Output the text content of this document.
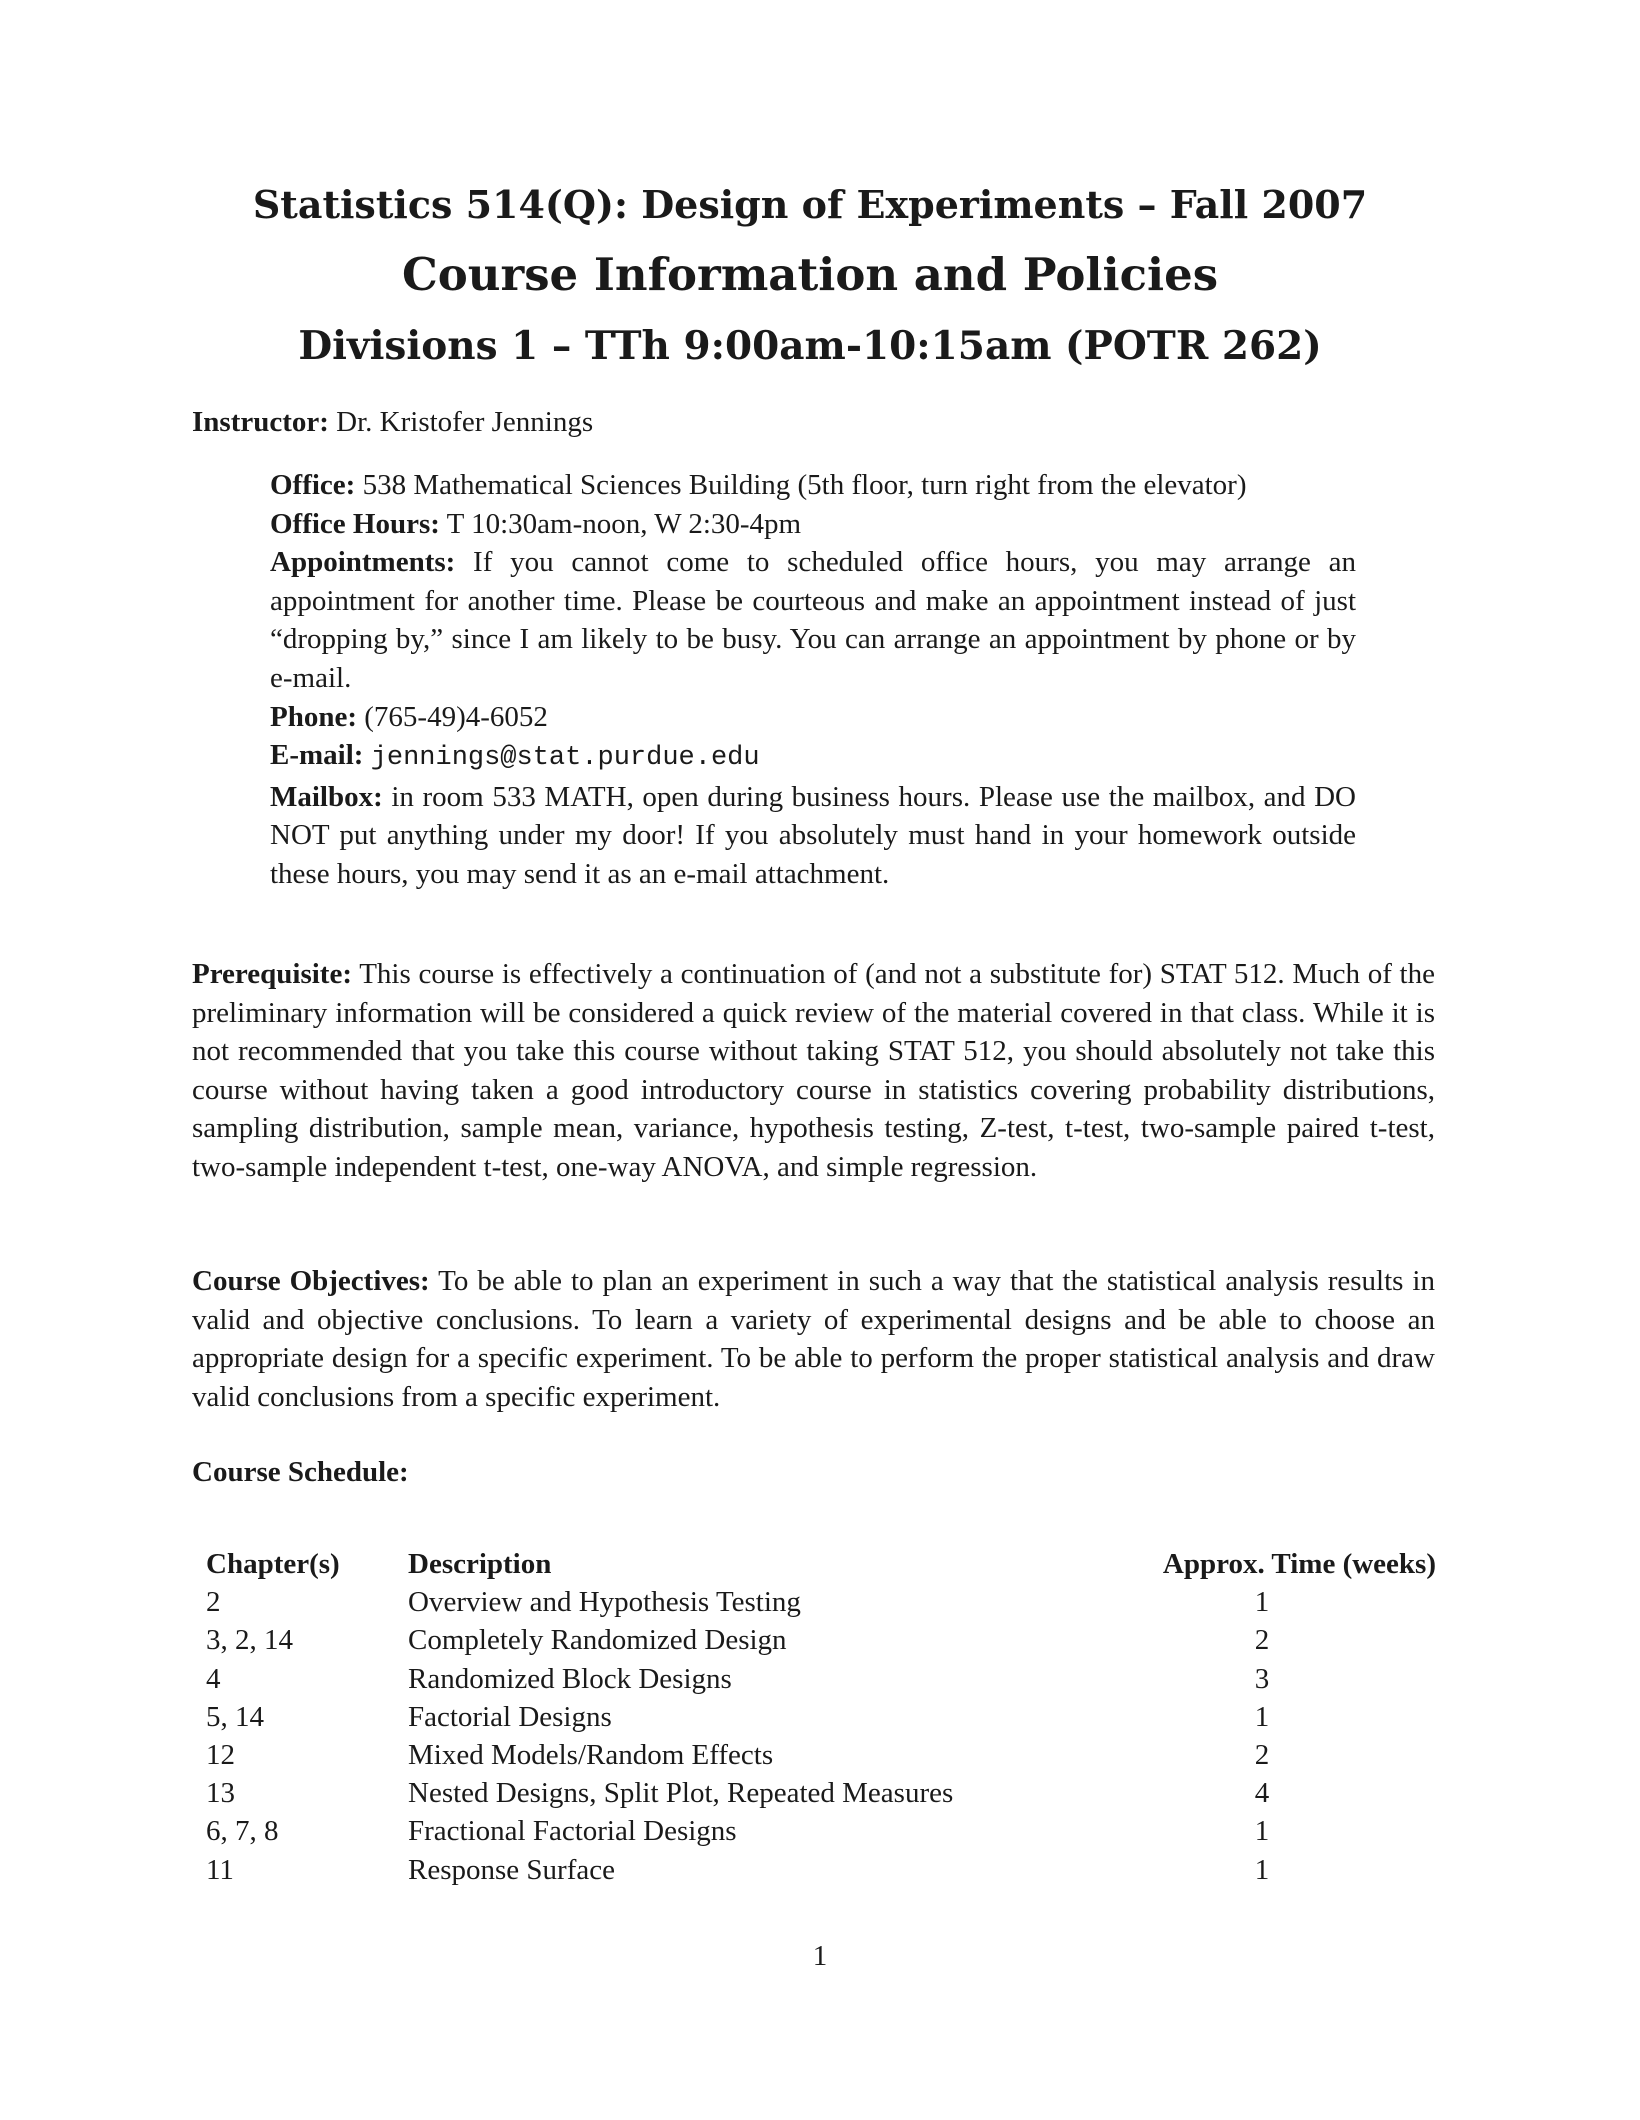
Statistics 514(Q): Design of Experiments – Fall 2007
Course Information and Policies
Divisions 1 – TTh 9:00am-10:15am (POTR 262)
Instructor: Dr. Kristofer Jennings

Office: 538 Mathematical Sciences Building (5th floor, turn right from the elevator)

Office Hours: T 10:30am-noon, W 2:30-4pm

Appointments: If you cannot come to scheduled office hours, you may arrange an appointment for another time. Please be courteous and make an appointment instead of just “dropping by,” since I am likely to be busy. You can arrange an appointment by phone or by e-mail.

Phone: (765-49)4-6052

E-mail: jennings@stat.purdue.edu

Mailbox: in room 533 MATH, open during business hours. Please use the mailbox, and DO NOT put anything under my door! If you absolutely must hand in your homework outside these hours, you may send it as an e-mail attachment.

Prerequisite: This course is effectively a continuation of (and not a substitute for) STAT 512. Much of the preliminary information will be considered a quick review of the material covered in that class. While it is not recommended that you take this course without taking STAT 512, you should absolutely not take this course without having taken a good introductory course in statistics covering probability distributions, sampling distribution, sample mean, variance, hypothesis testing, Z-test, t-test, two-sample paired t-test, two-sample independent t-test, one-way ANOVA, and simple regression.

Course Objectives: To be able to plan an experiment in such a way that the statistical analysis results in valid and objective conclusions. To learn a variety of experimental designs and be able to choose an appropriate design for a specific experiment. To be able to perform the proper statistical analysis and draw valid conclusions from a specific experiment.

Course Schedule:
Chapter(s)	Description	Approx. Time (weeks)
2	Overview and Hypothesis Testing	1
3, 2, 14	Completely Randomized Design	2
4	Randomized Block Designs	3
5, 14	Factorial Designs	1
12	Mixed Models/Random Effects	2
13	Nested Designs, Split Plot, Repeated Measures	4
6, 7, 8	Fractional Factorial Designs	1
11	Response Surface	1
1
